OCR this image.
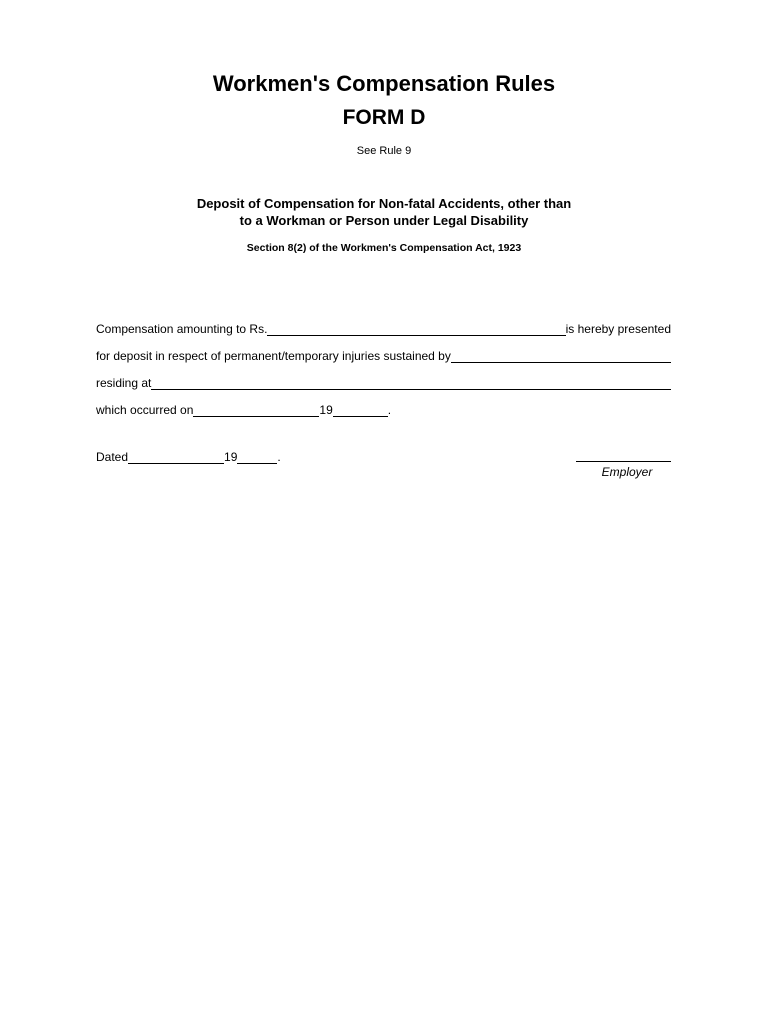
Workmen's Compensation Rules
FORM D
See Rule 9
Deposit of Compensation for Non-fatal Accidents, other than
to a Workman or Person under Legal Disability
Section 8(2) of the Workmen's Compensation Act, 1923
Compensation amounting to Rs.	is hereby presented
for deposit in respect of permanent/temporary injuries sustained by
residing at
which occurred on	19	.
Dated	19	.
Employer
